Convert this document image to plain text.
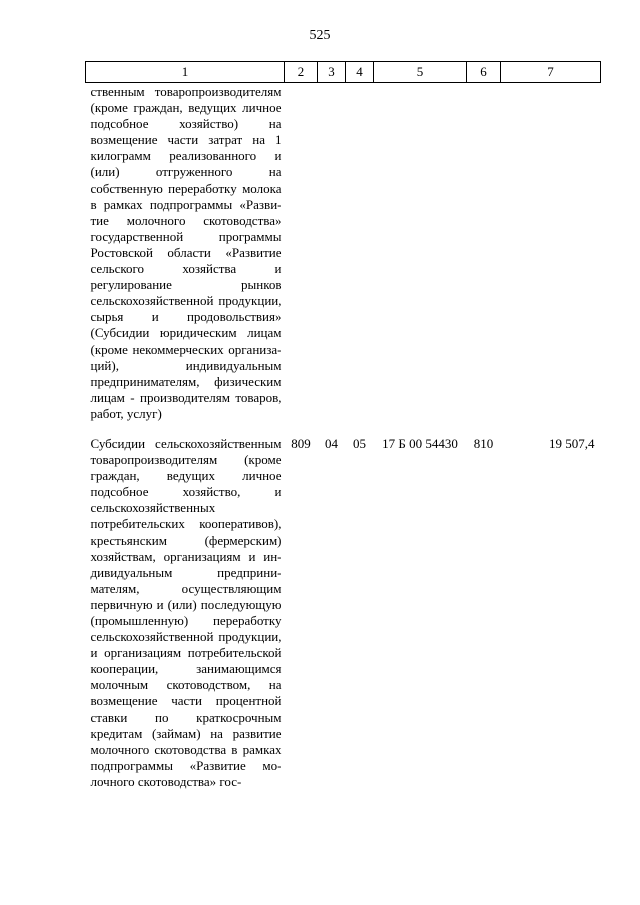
525
1	2	3	4	5	6	7
ственным товаропроизводителям (кроме граждан, ведущих личное подсобное хозяйство) на возмещение части затрат на 1 килограмм реализованного и (или) отгруженного на собственную переработку молока в рамках подпрограммы «Развитие молочного скотоводства» государственной программы Ростовской области «Развитие сельского хозяйства и регулирование рынков сельскохозяйственной продукции, сырья и продовольствия» (Субсидии юридическим лицам (кроме некоммерческих организаций), индивидуальным предпринимателям, физическим лицам - производителям товаров, работ, услуг)						
Субсидии сельскохозяйственным товаропроизводителям (кроме граждан, ведущих личное подсобное хозяйство, и сельскохозяйственных потребительских кооперативов), крестьянским (фермерским) хозяйствам, организациям и индивидуальным предпринимателям, осуществляющим первичную и (или) последующую (промышленную) переработку сельскохозяйственной продукции, и организациям потребительской кооперации, занимающимся молочным скотоводством, на возмещение части процентной ставки по краткосрочным кредитам (займам) на развитие молочного скотоводства в рамках подпрограммы «Развитие молочного скотоводства» гос-	809	04	05	17 Б 00 54430	810	19 507,4
